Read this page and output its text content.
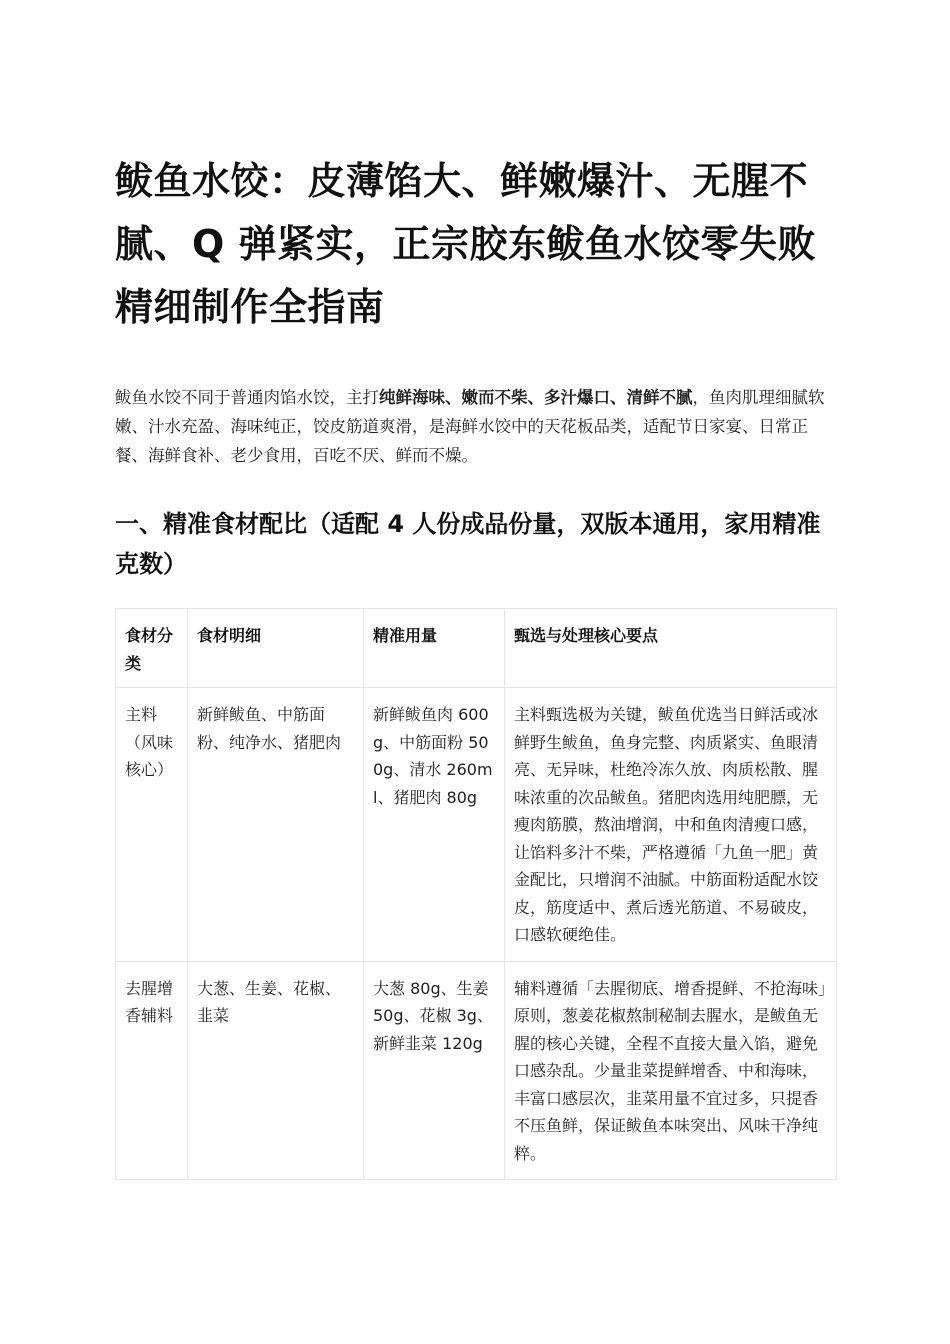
鲅鱼水饺：皮薄馅大、鲜嫩爆汁、无腥不腻、Q 弹紧实，正宗胶东鲅鱼水饺零失败精细制作全指南

鲅鱼水饺不同于普通肉馅水饺，主打纯鲜海味、嫩而不柴、多汁爆口、清鲜不腻，鱼肉肌理细腻软嫩、汁水充盈、海味纯正，饺皮筋道爽滑，是海鲜水饺中的天花板品类，适配节日家宴、日常正餐、海鲜食补、老少食用，百吃不厌、鲜而不燥。

一、精准食材配比（适配 4 人份成品份量，双版本通用，家用精准克数）
食材分类	食材明细	精准用量	甄选与处理核心要点
主料（风味核心）	新鲜鲅鱼、中筋面粉、纯净水、猪肥肉	新鲜鲅鱼肉 600g、中筋面粉 500g、清水 260ml、猪肥肉 80g	主料甄选极为关键，鲅鱼优选当日鲜活或冰鲜野生鲅鱼，鱼身完整、肉质紧实、鱼眼清亮、无异味，杜绝冷冻久放、肉质松散、腥味浓重的次品鲅鱼。猪肥肉选用纯肥膘，无瘦肉筋膜，熬油增润，中和鱼肉清瘦口感，让馅料多汁不柴，严格遵循「九鱼一肥」黄金配比，只增润不油腻。中筋面粉适配水饺皮，筋度适中、煮后透光筋道、不易破皮，口感软硬绝佳。
去腥增香辅料	大葱、生姜、花椒、韭菜	大葱 80g、生姜 50g、花椒 3g、新鲜韭菜 120g	辅料遵循「去腥彻底、增香提鲜、不抢海味」原则，葱姜花椒熬制秘制去腥水，是鲅鱼无腥的核心关键，全程不直接大量入馅，避免口感杂乱。少量韭菜提鲜增香、中和海味，丰富口感层次，韭菜用量不宜过多，只提香不压鱼鲜，保证鲅鱼本味突出、风味干净纯粹。
